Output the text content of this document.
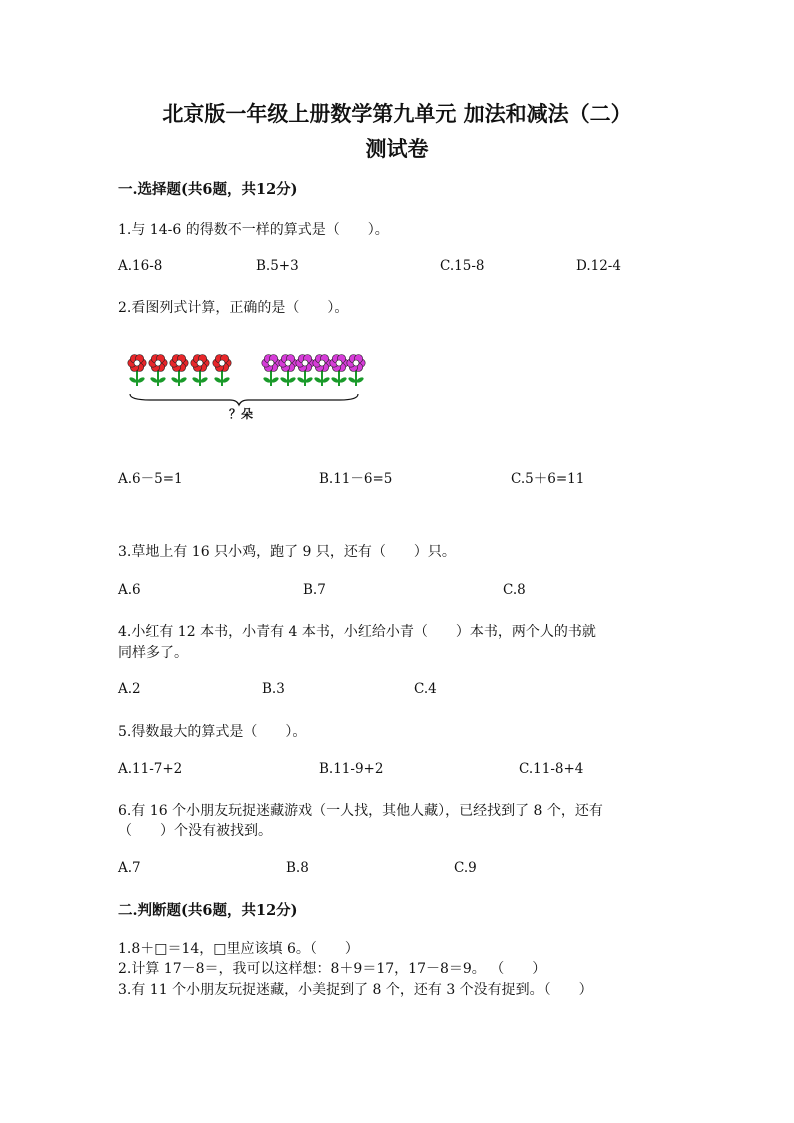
北京版一年级上册数学第九单元 加法和减法（二）
测试卷
一.选择题(共6题，共12分)
1.与 14-6 的得数不一样的算式是（　　）。
A.16-8	B.5+3	C.15-8	D.12-4
2.看图列式计算，正确的是（　　）。
？朵
A.6－5=1	B.11－6=5	C.5＋6=11
3.草地上有 16 只小鸡，跑了 9 只，还有（　　）只。
A.6	B.7	C.8
4.小红有 12 本书，小青有 4 本书，小红给小青（　　）本书，两个人的书就
同样多了。
A.2	B.3	C.4
5.得数最大的算式是（　　）。
A.11-7+2	B.11-9+2	C.11-8+4
6.有 16 个小朋友玩捉迷藏游戏（一人找，其他人藏），已经找到了 8 个，还有
（　　）个没有被找到。
A.7	B.8	C.9
二.判断题(共6题，共12分)
1.8＋□＝14，□里应该填 6。（　　）
2.计算 17－8＝，我可以这样想：8＋9＝17，17－8＝9。 （　　）
3.有 11 个小朋友玩捉迷藏，小美捉到了 8 个，还有 3 个没有捉到。（　　）
